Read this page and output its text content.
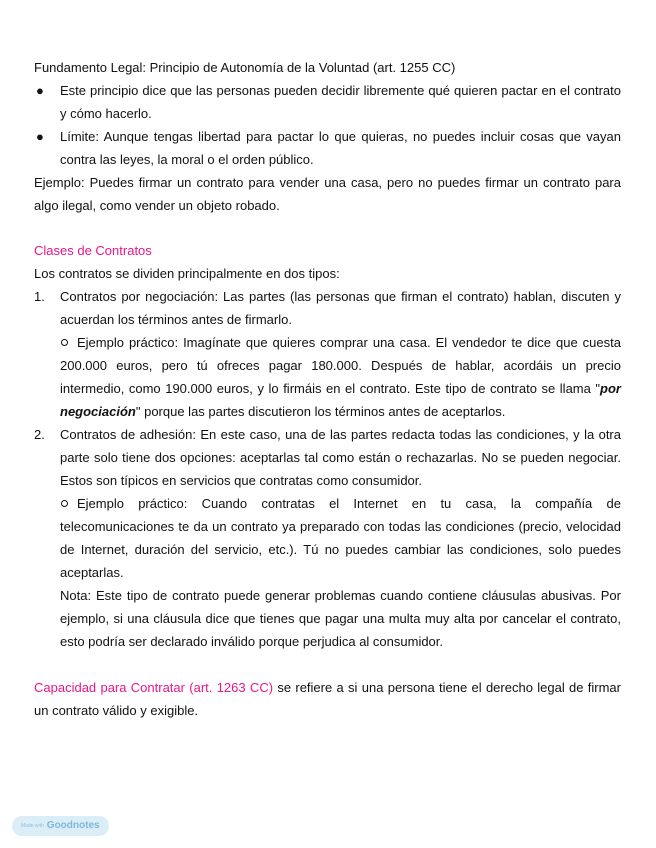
Fundamento Legal: Principio de Autonomía de la Voluntad (art. 1255 CC)

● Este principio dice que las personas pueden decidir libremente qué quieren pactar en el contrato y cómo hacerlo.
● Límite: Aunque tengas libertad para pactar lo que quieras, no puedes incluir cosas que vayan contra las leyes, la moral o el orden público.

Ejemplo: Puedes firmar un contrato para vender una casa, pero no puedes firmar un contrato para algo ilegal, como vender un objeto robado.

Clases de Contratos

Los contratos se dividen principalmente en dos tipos:

1. Contratos por negociación: Las partes (las personas que firman el contrato) hablan, discuten y acuerdan los términos antes de firmarlo.
Ejemplo práctico: Imagínate que quieres comprar una casa. El vendedor te dice que cuesta 200.000 euros, pero tú ofreces pagar 180.000. Después de hablar, acordáis un precio intermedio, como 190.000 euros, y lo firmáis en el contrato. Este tipo de contrato se llama "por negociación" porque las partes discutieron los términos antes de aceptarlos.
2. Contratos de adhesión: En este caso, una de las partes redacta todas las condiciones, y la otra parte solo tiene dos opciones: aceptarlas tal como están o rechazarlas. No se pueden negociar. Estos son típicos en servicios que contratas como consumidor.
Ejemplo práctico: Cuando contratas el Internet en tu casa, la compañía de telecomunicaciones te da un contrato ya preparado con todas las condiciones (precio, velocidad de Internet, duración del servicio, etc.). Tú no puedes cambiar las condiciones, solo puedes aceptarlas.

Nota: Este tipo de contrato puede generar problemas cuando contiene cláusulas abusivas. Por ejemplo, si una cláusula dice que tienes que pagar una multa muy alta por cancelar el contrato, esto podría ser declarado inválido porque perjudica al consumidor.

Capacidad para Contratar (art. 1263 CC) se refiere a si una persona tiene el derecho legal de firmar un contrato válido y exigible.

Made with Goodnotes
